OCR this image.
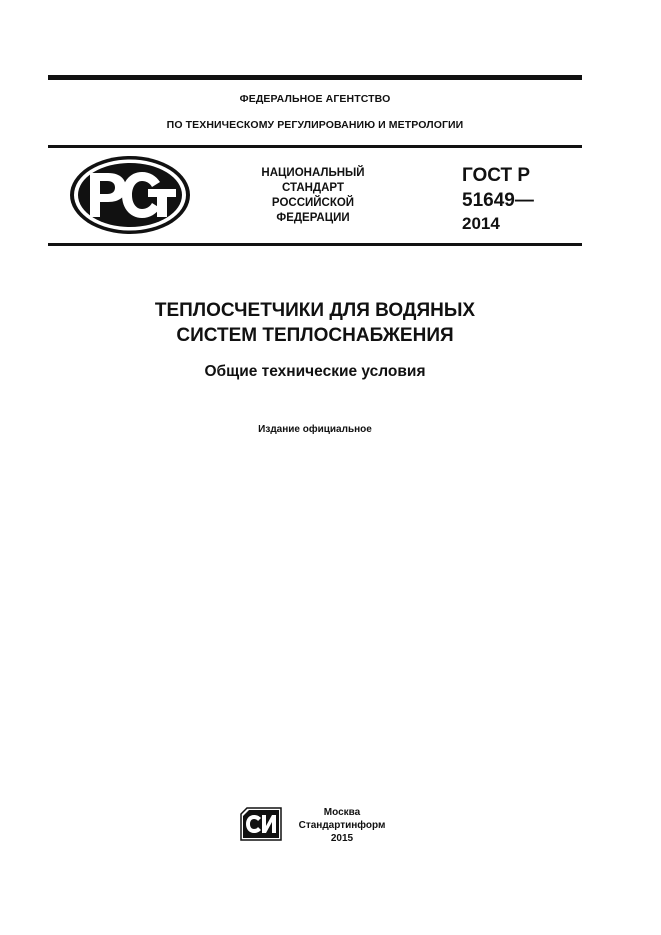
ФЕДЕРАЛЬНОЕ АГЕНТСТВО
ПО ТЕХНИЧЕСКОМУ РЕГУЛИРОВАНИЮ И МЕТРОЛОГИИ
НАЦИОНАЛЬНЫЙ
СТАНДАРТ
РОССИЙСКОЙ
ФЕДЕРАЦИИ
ГОСТ Р
51649—
2014
ТЕПЛОСЧЕТЧИКИ ДЛЯ ВОДЯНЫХ
СИСТЕМ ТЕПЛОСНАБЖЕНИЯ
Общие технические условия
Издание официальное
Москва
Стандартинформ
2015
